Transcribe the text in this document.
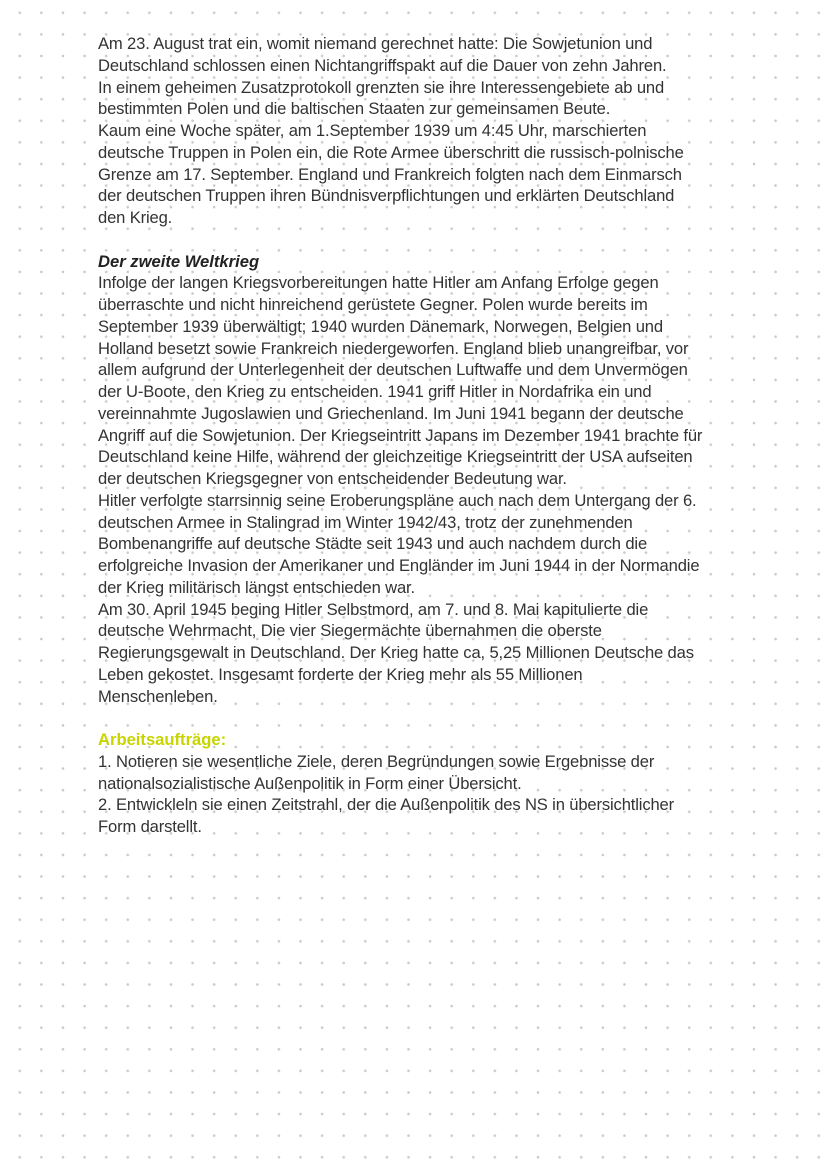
Am 23. August trat ein, womit niemand gerechnet hatte: Die Sowjetunion und
Deutschland schlossen einen Nichtangriffspakt auf die Dauer von zehn Jahren.
In einem geheimen Zusatzprotokoll grenzten sie ihre Interessengebiete ab und
bestimmten Polen und die baltischen Staaten zur gemeinsamen Beute.
Kaum eine Woche später, am 1.September 1939 um 4:45 Uhr, marschierten
deutsche Truppen in Polen ein, die Rote Armee überschritt die russisch-polnische
Grenze am 17. September. England und Frankreich folgten nach dem Einmarsch
der deutschen Truppen ihren Bündnisverpflichtungen und erklärten Deutschland
den Krieg.
Der zweite Weltkrieg
Infolge der langen Kriegsvorbereitungen hatte Hitler am Anfang Erfolge gegen
überraschte und nicht hinreichend gerüstete Gegner. Polen wurde bereits im
September 1939 überwältigt; 1940 wurden Dänemark, Norwegen, Belgien und
Holland besetzt sowie Frankreich niedergeworfen. England blieb unangreifbar, vor
allem aufgrund der Unterlegenheit der deutschen Luftwaffe und dem Unvermögen
der U-Boote, den Krieg zu entscheiden. 1941 griff Hitler in Nordafrika ein und
vereinnahmte Jugoslawien und Griechenland. Im Juni 1941 begann der deutsche
Angriff auf die Sowjetunion. Der Kriegseintritt Japans im Dezember 1941 brachte für
Deutschland keine Hilfe, während der gleichzeitige Kriegseintritt der USA aufseiten
der deutschen Kriegsgegner von entscheidender Bedeutung war.
Hitler verfolgte starrsinnig seine Eroberungspläne auch nach dem Untergang der 6.
deutschen Armee in Stalingrad im Winter 1942/43, trotz der zunehmenden
Bombenangriffe auf deutsche Städte seit 1943 und auch nachdem durch die
erfolgreiche Invasion der Amerikaner und Engländer im Juni 1944 in der Normandie
der Krieg militärisch längst entschieden war.
Am 30. April 1945 beging Hitler Selbstmord, am 7. und 8. Mai kapitulierte die
deutsche Wehrmacht, Die vier Siegermächte übernahmen die oberste
Regierungsgewalt in Deutschland. Der Krieg hatte ca, 5,25 Millionen Deutsche das
Leben gekostet. Insgesamt forderte der Krieg mehr als 55 Millionen
Menschenleben.
Arbeitsaufträge:
1. Notieren sie wesentliche Ziele, deren Begründungen sowie Ergebnisse der
nationalsozialistische Außenpolitik in Form einer Übersicht.
2. Entwickleln sie einen Zeitstrahl, der die Außenpolitik des NS in übersichtlicher
Form darstellt.
